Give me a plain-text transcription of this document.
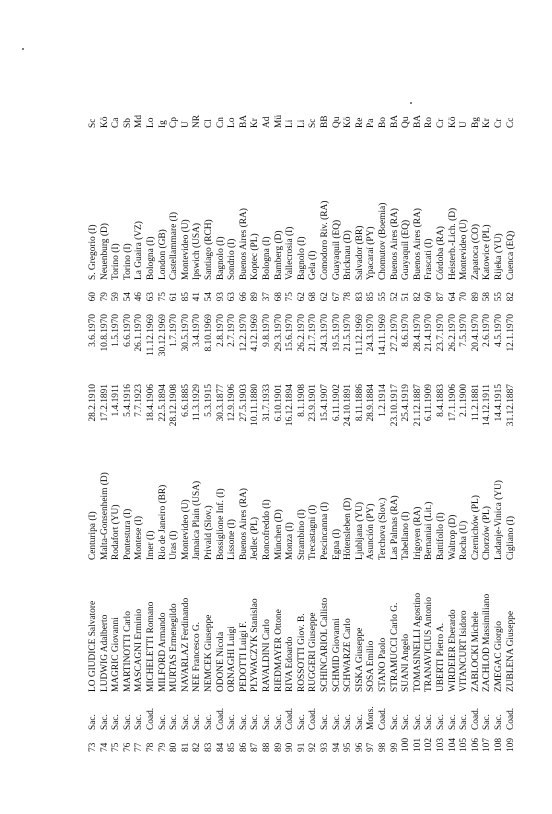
73
Sac.
LO GIUDICE Salvatore
Centuripa (I)
28.2.1910
3.6.1970
60
S. Gregorio (I)
Sc
74
Sac.
LUDWIG Adalberto
Malta-Gonsenheim (D)
17.2.1891
10.8.1970
79
Neuenburg (D)
Kö
75
Sac.
MAGRIC Giovanni
Rodafort (YU)
1.4.1911
1.5.1970
59
Torino (I)
Ca
76
Sac.
MARTINOTTI Carlo
Pontestura (I)
5.4.1916
6.6.1970
54
Torino (I)
Sb
77
Sac.
MASCAGNI Erminio
Montese (I)
7.7.1923
26.1.1970
46
La Guaira (VZ)
Md
78
Coad.
MICHELETTI Romano
Imer (I)
18.4.1906
11.12.1969
63
Bologna (I)
Lo
79
Sac.
MILFORD Armando
Rio de Janeiro (BR)
22.5.1894
30.12.1969
75
London (GB)
Ig
80
Sac.
MURTAS Ermenegildo
Uras (I)
28.12.1908
1.7.1970
61
Castellammare (I)
Cp
81
Sac.
NAVARLAZ Ferdinando
Montevideo (U)
6.6.1885
30.5.1970
85
Montevideo (U)
U
82
Sac.
NEE Francesco G.
Jamaica Plain (USA)
11.3.1929
3.4.1970
41
Ipswich (USA)
NR
83
Sac.
NEMCEK Giuseppe
Privald (Slov.)
5.3.1915
8.10.1969
54
Santiago (RCH)
Cl
84
Coad.
ODONE Nicola
Bossiglione Inf. (I)
30.3.1877
2.8.1970
93
Bagnolo (I)
Cn
85
Sac.
ORNAGHI Luigi
Lissone (I)
12.9.1906
2.7.1970
63
Sondrio (I)
Lo
86
Sac.
PEDOTTI Luigi F.
Buenos Aires (RA)
27.5.1903
12.2.1970
66
Buenos Aires (RA)
BA
87
Sac.
PLYWACZYK Stanislao
Jedlec (PL)
10.11.1880
4.12.1969
89
Koptec (PL)
Kr
88
Sac.
RAVALDINI Carlo
Roncofreddo (I)
31.7.1933
9.8.1970
37
Bologna (I)
Ad
89
Sac.
RIEDMAYER Ottone
München (D)
6.10.1901
29.3.1970
68
Bamberg (D)
Mü
90
Coad.
RIVA Edoardo
Monza (I)
16.12.1894
15.6.1970
75
Vallecrosia (I)
Li
91
Sac.
ROSSOTTI Giov. B.
Strambino (I)
8.1.1908
26.2.1970
62
Bagnolo (I)
Li
92
Coad.
RUGGERI Giuseppe
Trecastagni (I)
23.9.1901
21.7.1970
68
Gela (I)
Sc
93
Sac.
SCHINCARIOL Callisto
Pescincanna (I)
15.4.1907
24.3.1970
62
Comodoro Riv. (RA)
BB
94
Sac.
SCHMID Giovanni
Egna (I)
6.11.1902
19.5.1970
67
Guayaquil (EQ)
Qu
95
Sac.
SCHWARZE Carlo
Hötensleben (D)
24.10.1891
21.5.1970
78
Bricknau (D)
Kö
96
Sac.
SISKA Giuseppe
Ljubljana (YU)
8.11.1886
11.12.1969
83
Salvador (BR)
Re
97
Mons.
SOSA Emilio
Asunción (PY)
28.9.1884
24.3.1970
85
Ypacaraí (PY)
Pa
98
Coad.
STANO Paolo
Terchova (Slov.)
1.2.1914
14.11.1969
55
Chomutov (Boemia)
Bo
99
Sac.
STRAMUCCI Carlo G.
Las Palmas (RA)
23.10.1917
27.2.1970
52
Buenos Aires (RA)
BA
100
Sac.
SUANI Angelo
Tabellano (I)
25.4.1919
8.6.1970
51
Guayaquil (EQ)
Qu
101
Sac.
TOMASINELLI Agostino
Irigoyen (RA)
21.12.1887
28.4.1970
82
Buenos Aires (RA)
BA
102
Sac.
TRANAVICIUS Antonio
Bernaniai (Lit.)
6.11.1909
21.4.1970
60
Frascati (I)
Ro
103
Sac.
UBERTI Pietro A.
Battifollo (I)
8.4.1883
23.7.1970
87
Córdoba (RA)
Cr
104
Sac.
WIRDEIER Eberardo
Waltrop (D)
17.1.1906
26.2.1970
64
Heisterb.-Lich. (D)
Kö
105
Sac.
VITANCURT Isidoro
Rocha (U)
2.1.1900
7.5.1970
70
Montevideo (U)
U
106
Coad.
ZABLOCKI Michele
Czernichów (PL)
11.2.1881
20.4.1970
89
Zapatoca (CO)
Bg
107
Sac.
ZACHLOD Massimiliano
Chorzów (PL)
14.12.1911
2.6.1970
58
Katowice (PL)
Kr
108
Sac.
ZMEGAC Giorgio
Ladanje-Vinica (YU)
14.4.1915
4.5.1970
55
Rijeka (YU)
Cr
109
Coad.
ZUBLENA Giuseppe
Cigliano (I)
31.12.1887
12.1.1970
82
Cuenca (EQ)
Cc
